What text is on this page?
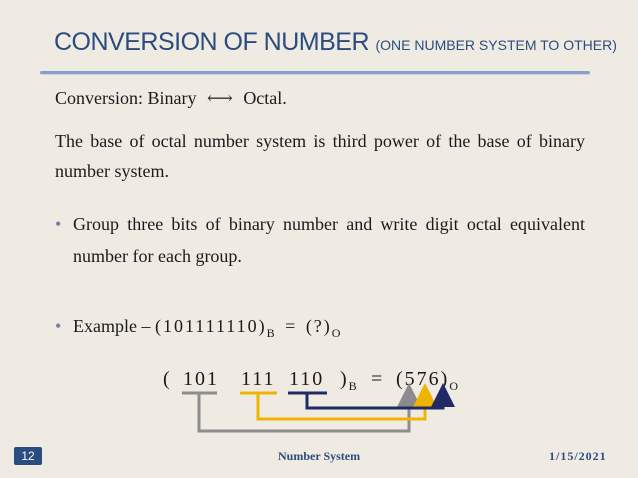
CONVERSION OF NUMBER (ONE NUMBER SYSTEM TO OTHER)
Conversion: Binary ⟷ Octal.
The base of octal number system is third power of the base of binary number system.
• Group three bits of binary number and write digit octal equivalent number for each group.
• Example – $(101111110)_B$ = $(?)_O$
( 101 111 110 )$_B = (576)_O$
12	Number System	1/15/2021
